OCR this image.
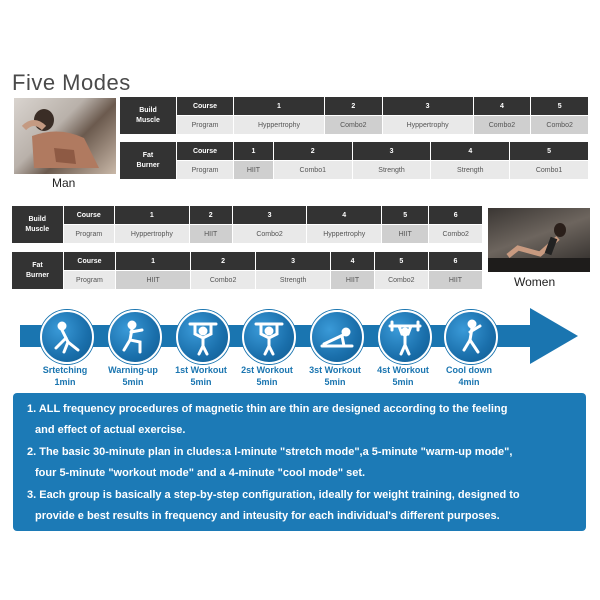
Five Modes
Man
Women
Build
Muscle	Course	1	2	3	4	5
	Program	Hyppertrophy	Combo2	Hyppertrophy	Combo2	Combo2
Fat
Burner	Course	1	2	3	4	5
	Program	HIIT	Combo1	Strength	Strength	Combo1
Build
Muscle	Course	1	2	3	4	5	6
	Program	Hyppertrophy	HIIT	Combo2	Hyppertrophy	HIIT	Combo2
Fat
Burner	Course	1	2	3	4	5	6
	Program	HIIT	Combo2	Strength	HIIT	Combo2	HIIT
Srtetching
1min
Warning-up
5min
1st Workout
5min
2st Workout
5min
3st Workout
5min
4st Workout
5min
Cool down
4min
1. ALL frequency procedures of magnetic thin are thin are designed according to the feeling
and effect of actual exercise.
2. The basic 30-minute plan in cludes:a l-minute "stretch mode",a 5-minute "warm-up mode",
four 5-minute "workout mode" and a 4-minute "cool mode" set.
3. Each group is basically a step-by-step configuration, ideally for weight training, designed to
provide e best results in frequency and inteusity for each individual's different purposes.
